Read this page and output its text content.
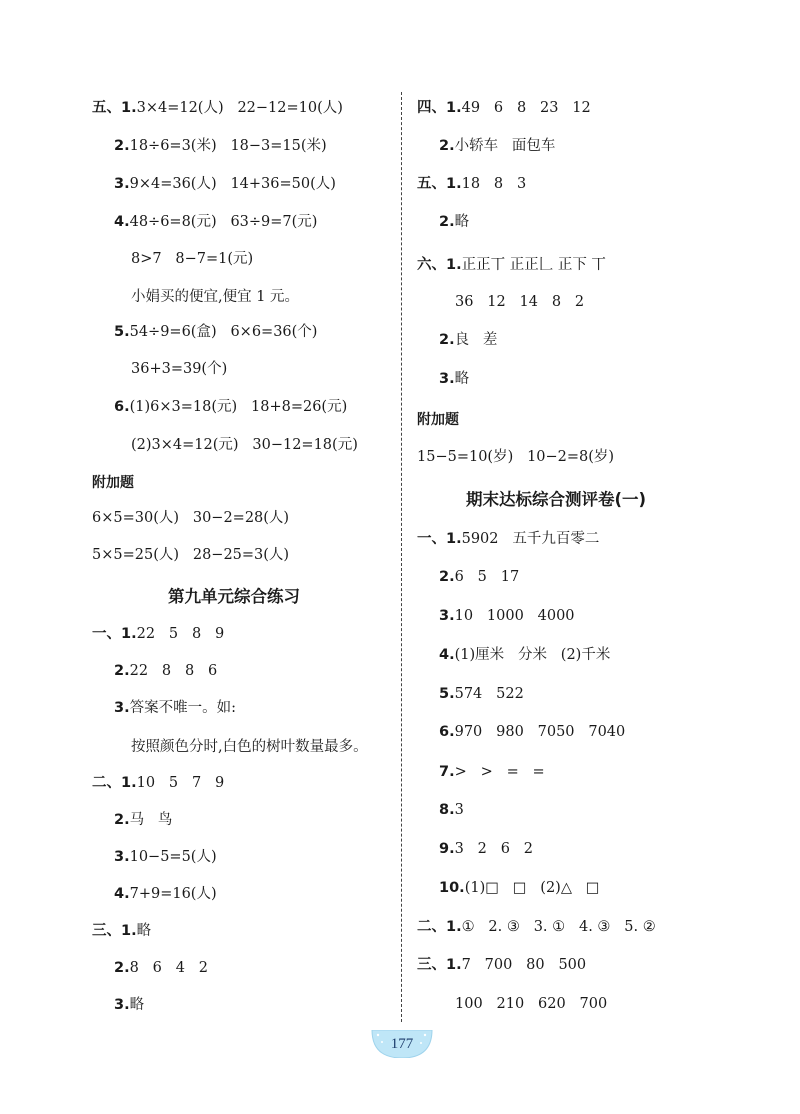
五、1.3×4=12(人)   22−12=10(人)
2.18÷6=3(米)   18−3=15(米)
3.9×4=36(人)   14+36=50(人)
4.48÷6=8(元)   63÷9=7(元)
8>7   8−7=1(元)
小娟买的便宜,便宜 1 元。
5.54÷9=6(盒)   6×6=36(个)
36+3=39(个)
6.(1)6×3=18(元)   18+8=26(元)
(2)3×4=12(元)   30−12=18(元)
附加题
6×5=30(人)   30−2=28(人)
5×5=25(人)   28−25=3(人)
第九单元综合练习
一、1.22   5   8   9
2.22   8   8   6
3.答案不唯一。如:
按照颜色分时,白色的树叶数量最多。
二、1.10   5   7   9
2.马   鸟
3.10−5=5(人)
4.7+9=16(人)
三、1.略
2.8   6   4   2
3.略
四、1.49   6   8   23   12
2.小轿车   面包车
五、1.18   8   3
2.略
六、1.正正丅 正正𠃊 正下 丅
36   12   14   8   2
2.良   差
3.略
附加题
15−5=10(岁)   10−2=8(岁)
期末达标综合测评卷(一)
一、1.5902   五千九百零二
2.6   5   17
3.10   1000   4000
4.(1)厘米   分米   (2)千米
5.574   522
6.970   980   7050   7040
7.>   >   =   =
8.3
9.3   2   6   2
10.(1)□   □   (2)△   □
二、1.①   2. ③   3. ①   4. ③   5. ②
三、1.7   700   80   500
100   210   620   700
177
